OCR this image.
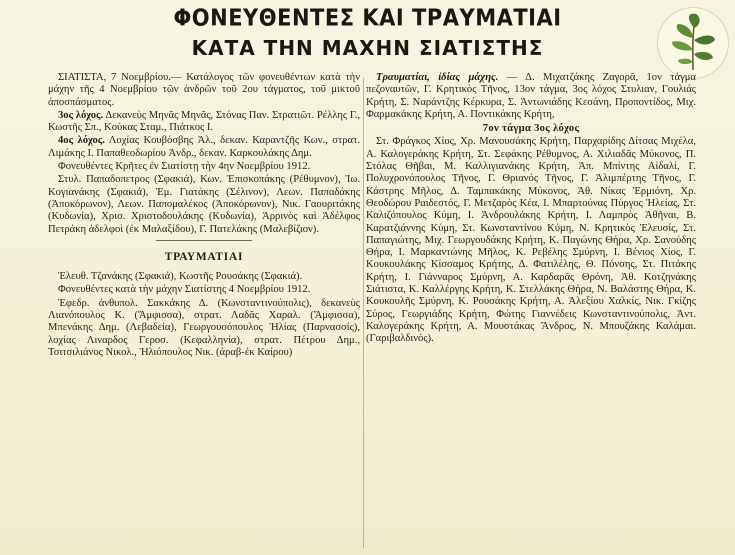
ΦΟΝΕΥΘΕΝΤΕΣ ΚΑΙ ΤΡΑΥΜΑΤΙΑΙ
ΚΑΤΑ ΤΗΝ ΜΑΧΗΝ ΣΙΑΤΙΣΤΗΣ

ΣΙΑΤΙΣΤΑ, 7 Νοεμβρίου.— Κατάλογος τῶν φονευθέντων κατὰ τὴν μάχην τῆς 4 Νοεμβρίου τῶν ἀνδρῶν τοῦ 2ου τάγματος, τοῦ μικτοῦ ἀποσπάσματος.

3ος λόχος. Δεκανεὺς Μηνᾶς Μηνᾶς, Στόνας Παν. Στρατιῶτ. Ρέλλης Γ., Κωστῆς Σπ., Κούκας Σταμ., Πιάτκος Ι.

4ος λόχος. Λοχίας Κουβόσβης Ἀλ., δεκαν. Καραντζῆς Κων., στρατ. Λιμάκης Ι. Παπαθεοδωρίου Ἀνδρ., δεκαν. Καρκουλάκης Δημ.

Φονευθέντες Κρῆτες ἐν Σιατίστῃ τὴν 4ην Νοεμβρίου 1912.

Στυλ. Παπαδοπετρος (Σφακιά), Κων. Ἐπισκοπάκης (Ρέθυμνον), Ἰω. Κογιανάκης (Σφακιά), Ἐμ. Γιατάκης (Σέλινον), Λεων. Παπαδάκης (Ἀποκόρωνον), Λεων. Παπομαλέκος (Ἀποκόρωνον), Νικ. Γαουριτάκης (Κυδωνία), Χρισ. Χριστοδουλάκης (Κυδωνία), Ἀρρινὸς καὶ Ἀδέλφος Πετράκη ἀδελφοὶ (ἐκ Μαλαξίδου), Γ. Πατελάκης (Μαλεβίζιον).

ΤΡΑΥΜΑΤΙΑΙ

Ἐλευθ. Τζανάκης (Σφακιά), Κωστῆς Ρουσάκης (Σφακιά).

Φονευθέντες κατὰ τὴν μάχην Σιατίστης 4 Νοεμβρίου 1912.

Ἐφεδρ. ἀνθυπολ. Σακκάκης Δ. (Κωνσταντινούπολις), δεκανεὺς Λιανόπουλος Κ. (Ἄμφισσα), στρατ. Λαδᾶς Χαραλ. (Ἄμφισσα), Μπενάκης Δημ. (Λεβαδεία), Γεωργουσόπουλος Ἠλίας (Παρνασσίς), λοχίας Λιναρδος Γεροσ. (Κεφαλληνία), στρατ. Πέτρου Δημ., Τσιτσιλιάνος Νικολ., Ἠλιόπουλος Νικ. (ἀραβ-ἐκ Καίρου)

Τραυματίαι, ἰδίας μάχης. — Δ. Μιχατζάκης Ζαγορᾶ, 1ον τάγμα πεζοναυτῶν, Γ. Κρητικὸς Τῆνος, 13ον τάγμα, 3ος λόχος Στυλιαν, Γουλιάς Κρήτη, Σ. Ναράντζης Κέρκυρα, Σ. Ἀντωνιάδης Κεσάνη, Προποντίδος, Μιχ. Φαρμακάκης Κρήτη, Α. Ποντικάκης Κρήτη,

7ον τάγμα 3ος λόχος

Στ. Φράγκος Χίος, Χρ. Μανουσάκης Κρήτη, Παρχαρίδης Δίτσας Μιχέλα, Α. Καλογεράκης Κρήτη, Στ. Σεφάκης Ρέθυμνος, Α. Χιλιαδᾶς Μύκονος, Π. Στόλας Θῆβαι, Μ. Καλλιγιανάκης Κρήτη, Ἀπ. Μπίντης Αἰδαλί, Γ. Πολυχρονόπουλος Τῆνος, Γ. Θριανός Τῆνος, Γ. Ἀλιμπέρτης Τῆνος, Γ. Κάστρης Μῆλος, Δ. Ταμπακάκης Μύκονος, Ἀθ. Νίκας Ἑρμιόνη, Χρ. Θεοδώρου Ραιδεστός, Γ. Μετζαρὸς Κέα, Ι. Μπαρτούνας Πύργος Ἠλείας, Στ. Καλιζόπουλος Κύμη, Ι. Ἀνδρουλάκης Κρήτη, Ι. Λαμπρὸς Ἀθῆναι, Β. Καρατζιάννης Κύμη, Στ. Κωνσταντίνου Κύμη, Ν. Κρητικὸς Ἐλευσίς, Στ. Παπαγιώτης, Μιχ. Γεωργουδάκης Κρήτη, Κ. Παγώνης Θήρα, Χρ. Σανούδης Θήρα, Ι. Μαρκαντώνης Μῆλος, Κ. Ρεβέλης Σμύρνη, Ι. Βένιος Χίος, Γ. Κουκουλάκης Κίσσαμος Κρήτης, Δ. Φατιλέλης, Θ. Πόνσης, Στ. Πιτάκης Κρήτη, Ι. Γιάνναρος Σμύρνη, Α. Καρδαρᾶς Θρόνη, Ἀθ. Κοτζηνάκης Σιάτιστα, Κ. Καλλέργης Κρήτη, Κ. Στελλάκης Θήρα, Ν. Βαλάστης Θήρα, Κ. Κουκουλῆς Σμύρνη, Κ. Ρουσάκης Κρήτη, Α. Ἀλεξίου Χαλκίς, Νικ. Γκίζης Σύρος, Γεωργιάδης Κρήτη, Φώτης Γιαννέδεις Κωνσταντινούπολις, Ἀντ. Καλογεράκης Κρήτη, Α. Μουστάκας Ἄνδρος, Ν. Μπουζάκης Καλάμαι. (Γαριβαλδινός).
